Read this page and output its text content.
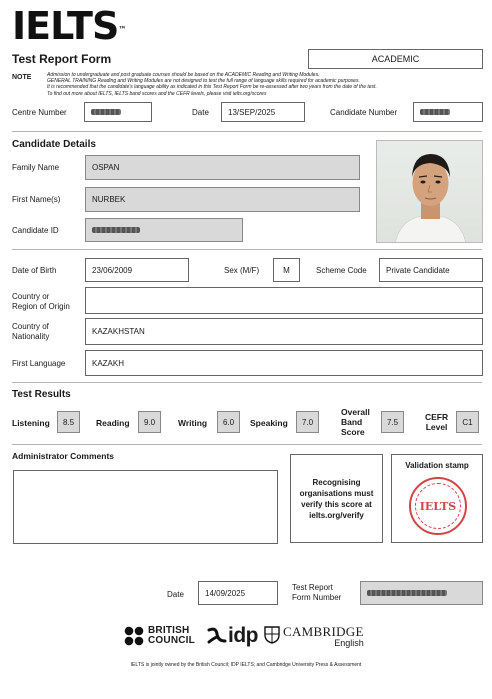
IELTS™
Test Report Form	ACADEMIC
NOTE	Admission to undergraduate and post graduate courses should be based on the ACADEMIC Reading and Writing Modules.
GENERAL TRAINING Reading and Writing Modules are not designed to test the full range of language skills required for academic purposes.
It is recommended that the candidate's language ability as indicated in this Test Report Form be re-assessed after two years from the date of the test.
To find out more about IELTS, IELTS band scores and the CEFR levels, please visit ielts.org/scores
Centre Number	Date 13/SEP/2025	Candidate Number
Candidate Details
Family Name	OSPAN
First Name(s)	NURBEK
Candidate ID
Date of Birth	23/06/2009	Sex (M/F)	M	Scheme Code Private Candidate
Country or
Region of Origin
Country of
Nationality
KAZAKHSTAN
First Language	KAZAKH
Test Results
Listening 8.5	Reading 9.0	Writing 6.0 Speaking 7.0
Overall
Band
Score
7.5	CEFR
Level C1
Administrator Comments
Recognising
organisations must
verify this score at
ielts.org/verify
Validation stamp
IELTS
Date	14/09/2025
Test Report
Form Number
BRITISH
COUNCIL idp CAMBRIDGE
English
IELTS is jointly owned by the British Council; IDP IELTS; and Cambridge University Press & Assessment
